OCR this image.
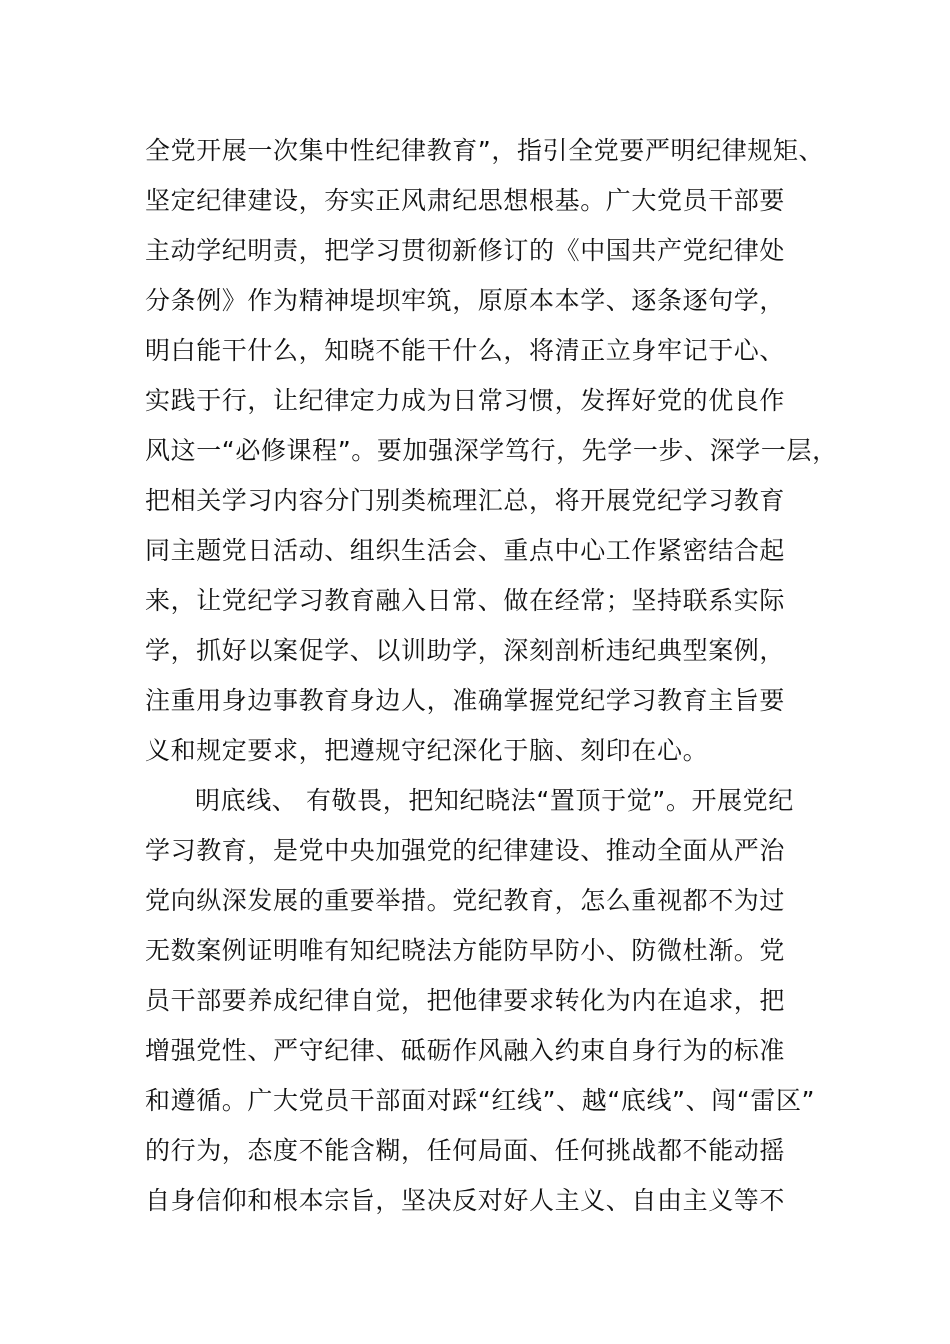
全党开展一次集中性纪律教育”，指引全党要严明纪律规矩、
坚定纪律建设，夯实正风肃纪思想根基。广大党员干部要
主动学纪明责，把学习贯彻新修订的《中国共产党纪律处
分条例》作为精神堤坝牢筑，原原本本学、逐条逐句学，
明白能干什么，知晓不能干什么，将清正立身牢记于心、
实践于行，让纪律定力成为日常习惯，发挥好党的优良作
风这一“必修课程”。要加强深学笃行，先学一步、深学一层，
把相关学习内容分门别类梳理汇总，将开展党纪学习教育
同主题党日活动、组织生活会、重点中心工作紧密结合起
来，让党纪学习教育融入日常、做在经常；坚持联系实际
学，抓好以案促学、以训助学，深刻剖析违纪典型案例，
注重用身边事教育身边人，准确掌握党纪学习教育主旨要
义和规定要求，把遵规守纪深化于脑、刻印在心。
明底线、 有敬畏，把知纪晓法“置顶于觉”。开展党纪
学习教育，是党中央加强党的纪律建设、推动全面从严治
党向纵深发展的重要举措。党纪教育，怎么重视都不为过
无数案例证明唯有知纪晓法方能防早防小、防微杜渐。党
员干部要养成纪律自觉，把他律要求转化为内在追求，把
增强党性、严守纪律、砥砺作风融入约束自身行为的标准
和遵循。广大党员干部面对踩“红线”、越“底线”、闯“雷区”
的行为，态度不能含糊，任何局面、任何挑战都不能动摇
自身信仰和根本宗旨，坚决反对好人主义、自由主义等不
